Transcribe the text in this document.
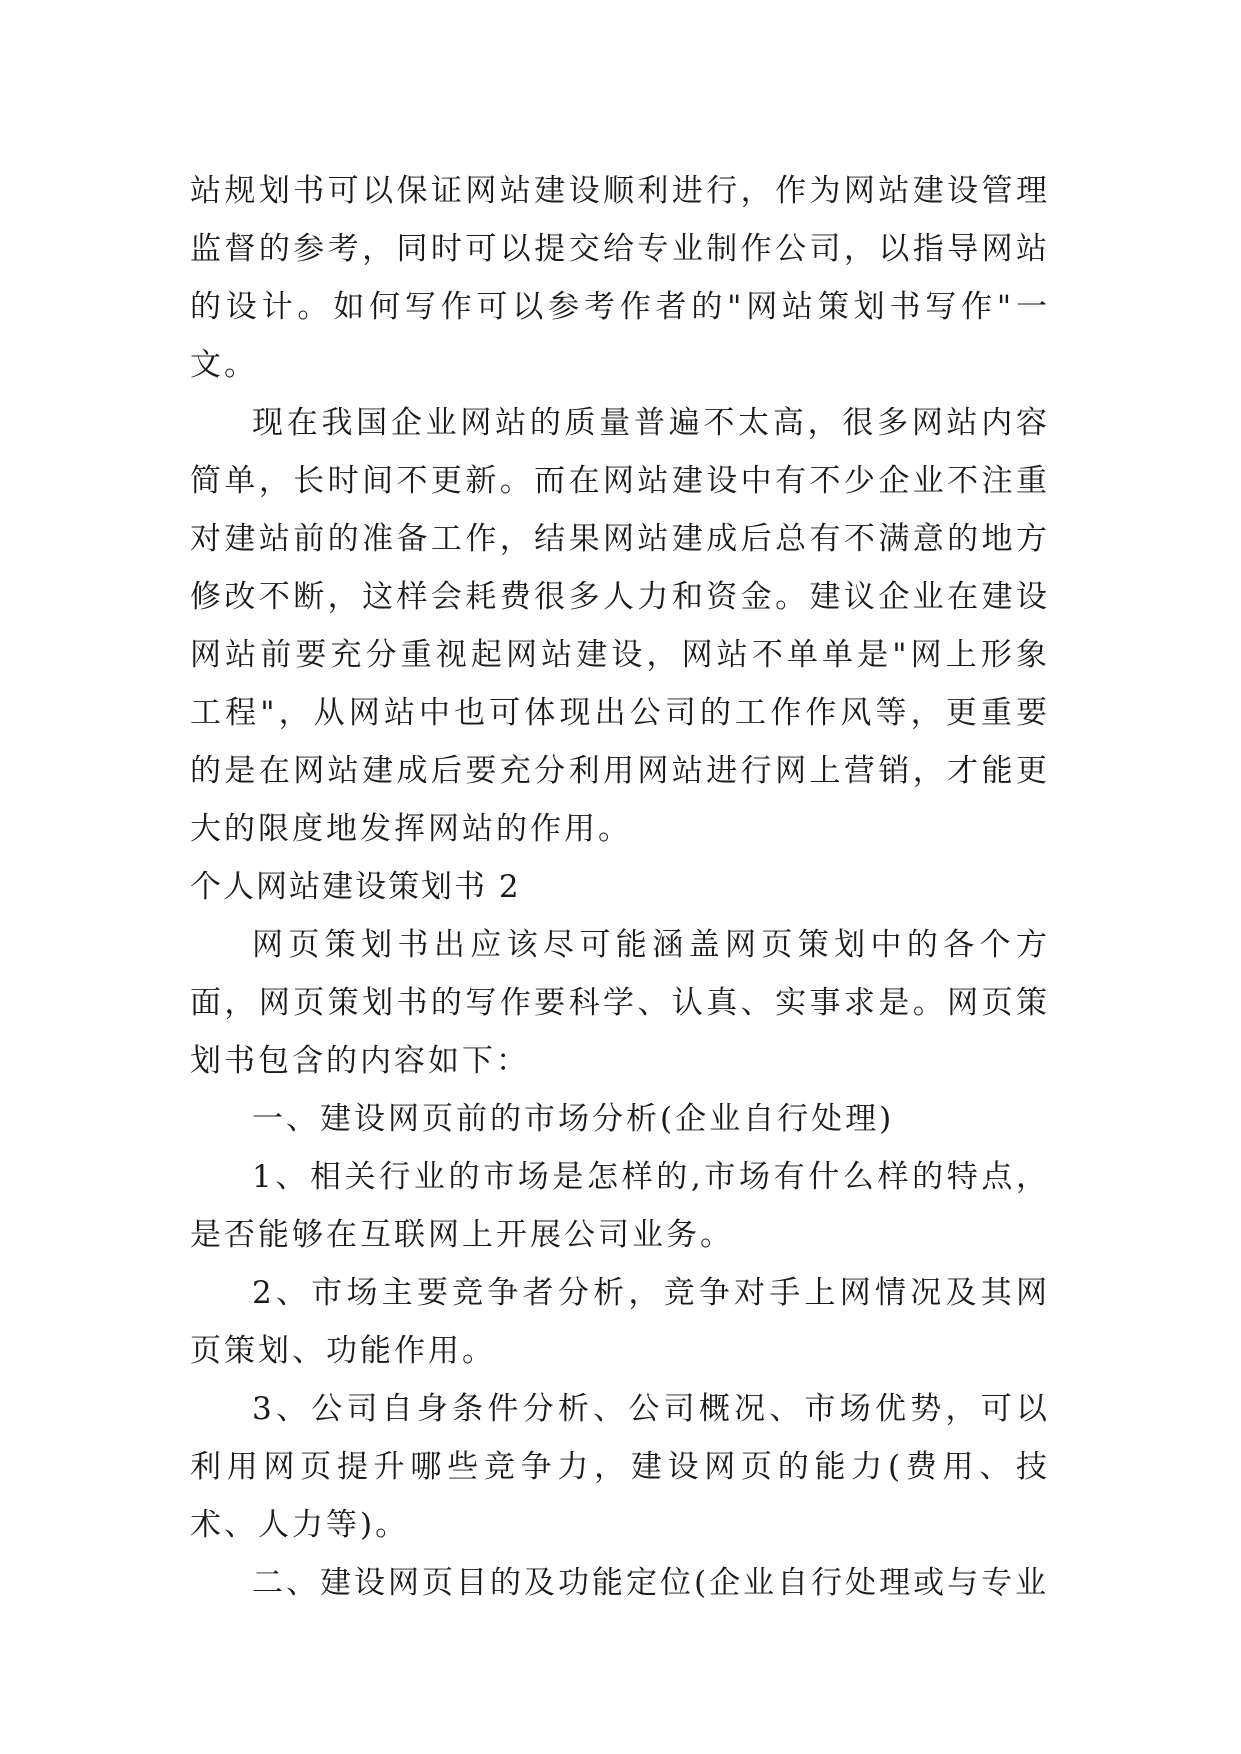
站规划书可以保证网站建设顺利进行，作为网站建设管理监督的参考，同时可以提交给专业制作公司，以指导网站的设计。如何写作可以参考作者的"网站策划书写作"一文。

现在我国企业网站的质量普遍不太高，很多网站内容简单，长时间不更新。而在网站建设中有不少企业不注重对建站前的准备工作，结果网站建成后总有不满意的地方修改不断，这样会耗费很多人力和资金。建议企业在建设网站前要充分重视起网站建设，网站不单单是"网上形象工程"，从网站中也可体现出公司的工作作风等，更重要的是在网站建成后要充分利用网站进行网上营销，才能更大的限度地发挥网站的作用。

个人网站建设策划书 2

网页策划书出应该尽可能涵盖网页策划中的各个方面，网页策划书的写作要科学、认真、实事求是。网页策划书包含的内容如下：

一、建设网页前的市场分析(企业自行处理)

1、相关行业的市场是怎样的,市场有什么样的特点，是否能够在互联网上开展公司业务。

2、市场主要竞争者分析，竞争对手上网情况及其网页策划、功能作用。

3、公司自身条件分析、公司概况、市场优势，可以利用网页提升哪些竞争力，建设网页的能力(费用、技术、人力等)。

二、建设网页目的及功能定位(企业自行处理或与专业
